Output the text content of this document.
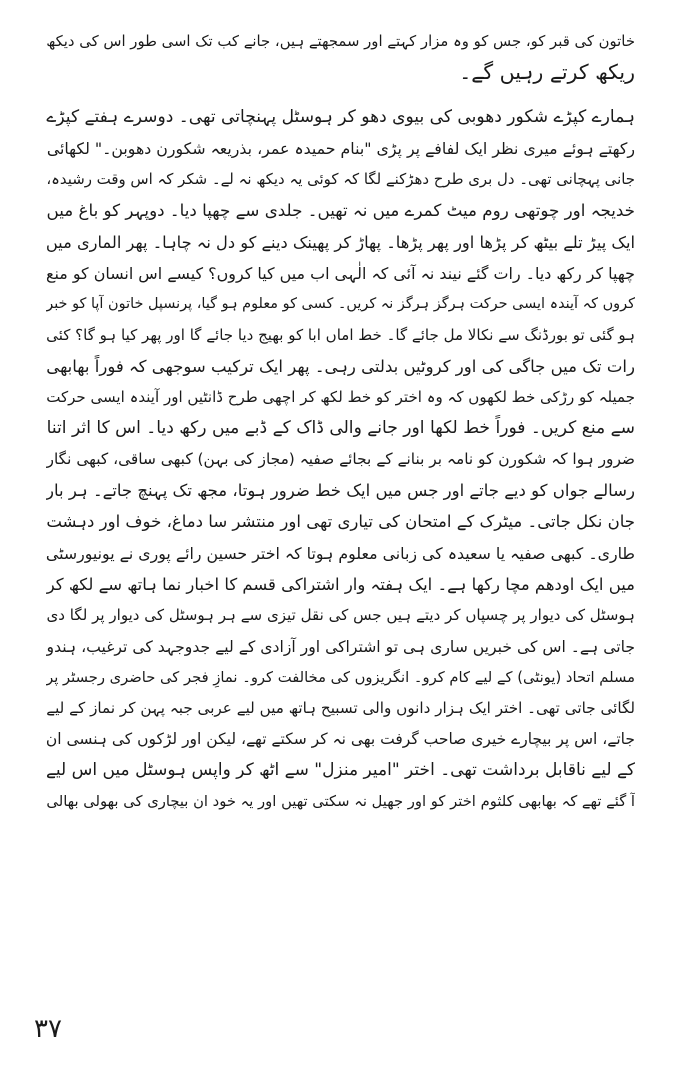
خاتون کی قبر کو، جس کو وہ مزار کہتے اور سمجھتے ہیں، جانے کب تک اسی طور اس کی دیکھ
ریکھ کرتے رہیں گے۔
ہمارے کپڑے شکور دھوبی کی بیوی دھو کر ہوسٹل پہنچاتی تھی۔ دوسرے ہفتے کپڑے
رکھتے ہوئے میری نظر ایک لفافے پر پڑی "بنام حمیدہ عمر، بذریعہ شکورن دھوبن۔" لکھائی
جانی پہچانی تھی۔ دل بری طرح دھڑکنے لگا کہ کوئی یہ دیکھ نہ لے۔ شکر کہ اس وقت رشیدہ،
خدیجہ اور چوتھی روم میٹ کمرے میں نہ تھیں۔ جلدی سے چھپا دیا۔ دوپہر کو باغ میں
ایک پیڑ تلے بیٹھ کر پڑھا اور پھر پڑھا۔ پھاڑ کر پھینک دینے کو دل نہ چاہا۔ پھر الماری میں
چھپا کر رکھ دیا۔ رات گئے نیند نہ آئی کہ الٰہی اب میں کیا کروں؟ کیسے اس انسان کو منع
کروں کہ آیندہ ایسی حرکت ہرگز ہرگز نہ کریں۔ کسی کو معلوم ہو گیا، پرنسپل خاتون آپا کو خبر
ہو گئی تو بورڈنگ سے نکالا مل جائے گا۔ خط اماں ابا کو بھیج دیا جائے گا اور پھر کیا ہو گا؟ کئی
رات تک میں جاگی کی اور کروٹیں بدلتی رہی۔ پھر ایک ترکیب سوجھی کہ فوراً بھابھی
جمیلہ کو رڑکی خط لکھوں کہ وہ اختر کو خط لکھ کر اچھی طرح ڈانٹیں اور آیندہ ایسی حرکت
سے منع کریں۔ فوراً خط لکھا اور جانے والی ڈاک کے ڈبے میں رکھ دیا۔ اس کا اثر اتنا
ضرور ہوا کہ شکورن کو نامہ بر بنانے کے بجائے صفیہ (مجاز کی بہن) کبھی ساقی، کبھی نگار
رسالے جواں کو دیے جاتے اور جس میں ایک خط ضرور ہوتا، مجھ تک پہنچ جاتے۔ ہر بار
جان نکل جاتی۔ میٹرک کے امتحان کی تیاری تھی اور منتشر سا دماغ، خوف اور دہشت
طاری۔ کبھی صفیہ یا سعیدہ کی زبانی معلوم ہوتا کہ اختر حسین رائے پوری نے یونیورسٹی
میں ایک اودھم مچا رکھا ہے۔ ایک ہفتہ وار اشتراکی قسم کا اخبار نما ہاتھ سے لکھ کر
ہوسٹل کی دیوار پر چسپاں کر دیتے ہیں جس کی نقل تیزی سے ہر ہوسٹل کی دیوار پر لگا دی
جاتی ہے۔ اس کی خبریں ساری ہی تو اشتراکی اور آزادی کے لیے جدوجہد کی ترغیب، ہندو
مسلم اتحاد (یونٹی) کے لیے کام کرو۔ انگریزوں کی مخالفت کرو۔ نمازِ فجر کی حاضری رجسٹر پر
لگائی جاتی تھی۔ اختر ایک ہزار دانوں والی تسبیح ہاتھ میں لیے عربی جبہ پہن کر نماز کے لیے
جاتے، اس پر بیچارے خیری صاحب گرفت بھی نہ کر سکتے تھے، لیکن اور لڑکوں کی ہنسی ان
کے لیے ناقابل برداشت تھی۔ اختر "امیر منزل" سے اٹھ کر واپس ہوسٹل میں اس لیے
آ گئے تھے کہ بھابھی کلثوم اختر کو اور جھیل نہ سکتی تھیں اور یہ خود ان بیچاری کی بھولی بھالی
۳۷
